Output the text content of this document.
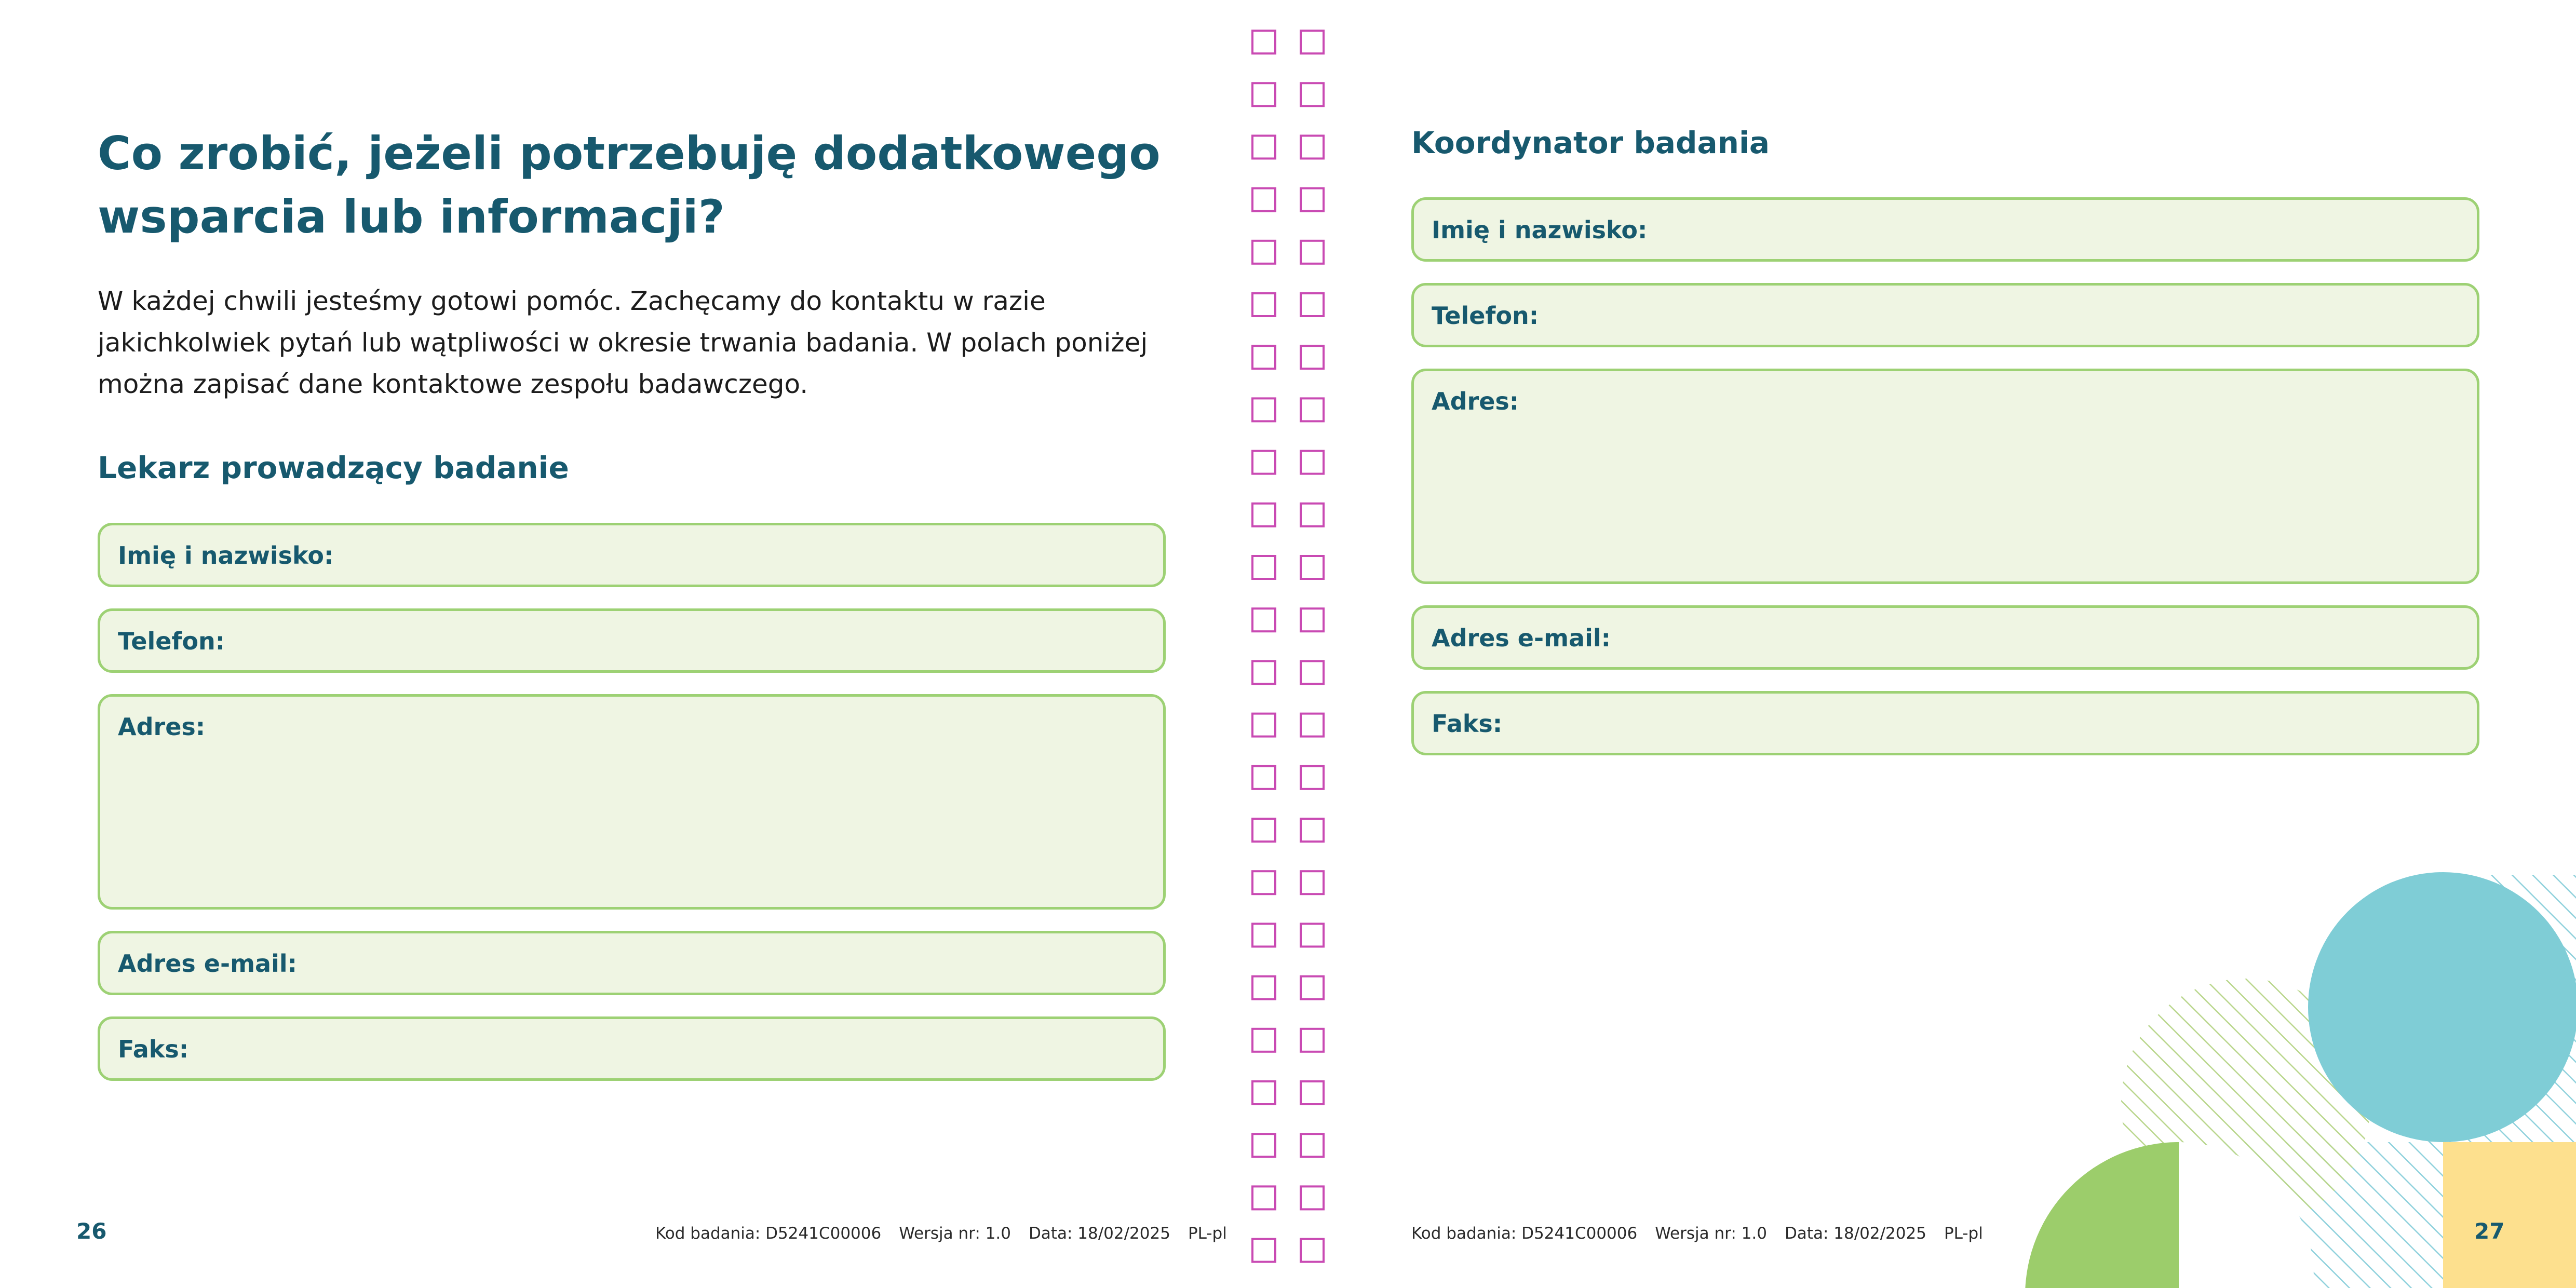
Co zrobić, jeżeli potrzebuję dodatkowego wsparcia lub informacji?

W każdej chwili jesteśmy gotowi pomóc. Zachęcamy do kontaktu w razie jakichkolwiek pytań lub wątpliwości w okresie trwania badania. W polach poniżej można zapisać dane kontaktowe zespołu badawczego.

Lekarz prowadzący badanie
Imię i nazwisko:
Telefon:
Adres:
Adres e-mail:
Faks:
26	Kod badania: D5241C00006 Wersja nr: 1.0 Data: 18/02/2025 PL-pl
Koordynator badania
Imię i nazwisko:
Telefon:
Adres:
Adres e-mail:
Faks:
Kod badania: D5241C00006 Wersja nr: 1.0 Data: 18/02/2025 PL-pl	27
